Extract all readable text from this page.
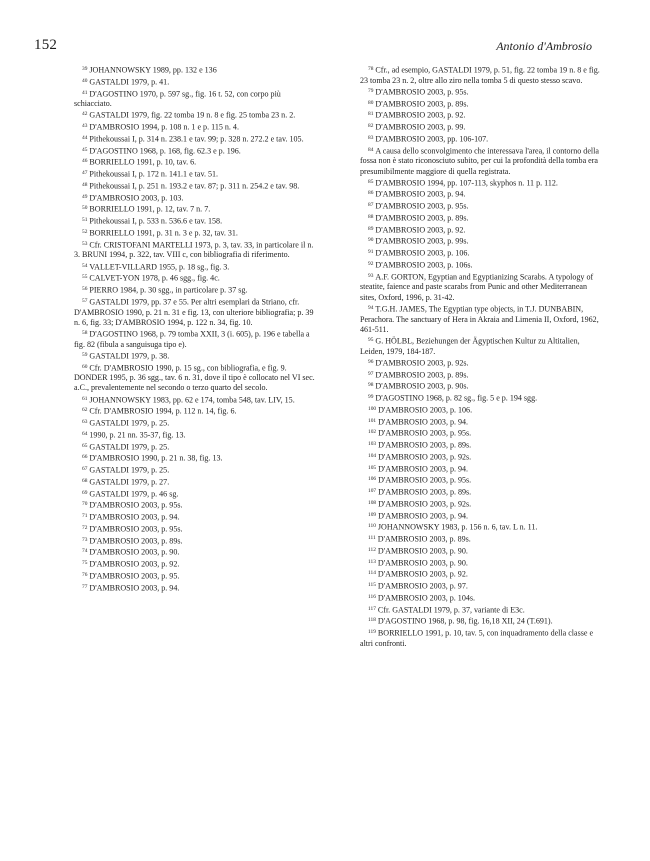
152	Antonio d'Ambrosio

$^{39}$ JOHANNOWSKY 1989, pp. 132 e 136

$^{40}$ GASTALDI 1979, p. 41.

$^{41}$ D'AGOSTINO 1970, p. 597 sg., fig. 16 t. 52, con corpo più schiacciato.

$^{42}$ GASTALDI 1979, fig. 22 tomba 19 n. 8 e fig. 25 tomba 23 n. 2.

$^{43}$ D'AMBROSIO 1994, p. 108 n. 1 e p. 115 n. 4.

$^{44}$ Pithekoussai I, p. 314 n. 238.1 e tav. 99; p. 328 n. 272.2 e tav. 105.

$^{45}$ D'AGOSTINO 1968, p. 168, fig. 62.3 e p. 196.

$^{46}$ BORRIELLO 1991, p. 10, tav. 6.

$^{47}$ Pithekoussai I, p. 172 n. 141.1 e tav. 51.

$^{48}$ Pithekoussai I, p. 251 n. 193.2 e tav. 87; p. 311 n. 254.2 e tav. 98.

$^{49}$ D'AMBROSIO 2003, p. 103.

$^{50}$ BORRIELLO 1991, p. 12, tav. 7 n. 7.

$^{51}$ Pithekoussai I, p. 533 n. 536.6 e tav. 158.

$^{52}$ BORRIELLO 1991, p. 31 n. 3 e p. 32, tav. 31.

$^{53}$ Cfr. CRISTOFANI MARTELLI 1973, p. 3, tav. 33, in particolare il n. 3. BRUNI 1994, p. 322, tav. VIII c, con bibliografia di riferimento.

$^{54}$ VALLET-VILLARD 1955, p. 18 sg., fig. 3.

$^{55}$ CALVET-YON 1978, p. 46 sgg., fig. 4c.

$^{56}$ PIERRO 1984, p. 30 sgg., in particolare p. 37 sg.

$^{57}$ GASTALDI 1979, pp. 37 e 55. Per altri esemplari da Striano, cfr. D'AMBROSIO 1990, p. 21 n. 31 e fig. 13, con ulteriore bibliografia; p. 39 n. 6, fig. 33; D'AMBROSIO 1994, p. 122 n. 34, fig. 10.

$^{58}$ D'AGOSTINO 1968, p. 79 tomba XXII, 3 (i. 605), p. 196 e tabella a fig. 82 (fibula a sanguisuga tipo e).

$^{59}$ GASTALDI 1979, p. 38.

$^{60}$ Cfr. D'AMBROSIO 1990, p. 15 sg., con bibliografia, e fig. 9. DONDER 1995, p. 36 sgg., tav. 6 n. 31, dove il tipo è collocato nel VI sec. a.C., prevalentemente nel secondo o terzo quarto del secolo.

$^{61}$ JOHANNOWSKY 1983, pp. 62 e 174, tomba 548, tav. LIV, 15.

$^{62}$ Cfr. D'AMBROSIO 1994, p. 112 n. 14, fig. 6.

$^{63}$ GASTALDI 1979, p. 25.

$^{64}$ 1990, p. 21 nn. 35-37, fig. 13.

$^{65}$ GASTALDI 1979, p. 25.

$^{66}$ D'AMBROSIO 1990, p. 21 n. 38, fig. 13.

$^{67}$ GASTALDI 1979, p. 25.

$^{68}$ GASTALDI 1979, p. 27.

$^{69}$ GASTALDI 1979, p. 46 sg.

$^{70}$ D'AMBROSIO 2003, p. 95s.

$^{71}$ D'AMBROSIO 2003, p. 94.

$^{72}$ D'AMBROSIO 2003, p. 95s.

$^{73}$ D'AMBROSIO 2003, p. 89s.

$^{74}$ D'AMBROSIO 2003, p. 90.

$^{75}$ D'AMBROSIO 2003, p. 92.

$^{76}$ D'AMBROSIO 2003, p. 95.

$^{77}$ D'AMBROSIO 2003, p. 94.

$^{78}$ Cfr., ad esempio, GASTALDI 1979, p. 51, fig. 22 tomba 19 n. 8 e fig. 23 tomba 23 n. 2, oltre allo ziro nella tomba 5 di questo stesso scavo.

$^{79}$ D'AMBROSIO 2003, p. 95s.

$^{80}$ D'AMBROSIO 2003, p. 89s.

$^{81}$ D'AMBROSIO 2003, p. 92.

$^{82}$ D'AMBROSIO 2003, p. 99.

$^{83}$ D'AMBROSIO 2003, pp. 106-107.

$^{84}$ A causa dello sconvolgimento che interessava l'area, il contorno della fossa non è stato riconosciuto subito, per cui la profondità della tomba era presumibilmente maggiore di quella registrata.

$^{85}$ D'AMBROSIO 1994, pp. 107-113, skyphos n. 11 p. 112.

$^{86}$ D'AMBROSIO 2003, p. 94.

$^{87}$ D'AMBROSIO 2003, p. 95s.

$^{88}$ D'AMBROSIO 2003, p. 89s.

$^{89}$ D'AMBROSIO 2003, p. 92.

$^{90}$ D'AMBROSIO 2003, p. 99s.

$^{91}$ D'AMBROSIO 2003, p. 106.

$^{92}$ D'AMBROSIO 2003, p. 106s.

$^{93}$ A.F. GORTON, Egyptian and Egyptianizing Scarabs. A typology of steatite, faience and paste scarabs from Punic and other Mediterranean sites, Oxford, 1996, p. 31-42.

$^{94}$ T.G.H. JAMES, The Egyptian type objects, in T.J. DUNBABIN, Perachora. The sanctuary of Hera in Akraia and Limenia II, Oxford, 1962, 461-511.

$^{95}$ G. HÖLBL, Beziehungen der Ägyptischen Kultur zu Altitalien, Leiden, 1979, 184-187.

$^{96}$ D'AMBROSIO 2003, p. 92s.

$^{97}$ D'AMBROSIO 2003, p. 89s.

$^{98}$ D'AMBROSIO 2003, p. 90s.

$^{99}$ D'AGOSTINO 1968, p. 82 sg., fig. 5 e p. 194 sgg.

$^{100}$ D'AMBROSIO 2003, p. 106.

$^{101}$ D'AMBROSIO 2003, p. 94.

$^{102}$ D'AMBROSIO 2003, p. 95s.

$^{103}$ D'AMBROSIO 2003, p. 89s.

$^{104}$ D'AMBROSIO 2003, p. 92s.

$^{105}$ D'AMBROSIO 2003, p. 94.

$^{106}$ D'AMBROSIO 2003, p. 95s.

$^{107}$ D'AMBROSIO 2003, p. 89s.

$^{108}$ D'AMBROSIO 2003, p. 92s.

$^{109}$ D'AMBROSIO 2003, p. 94.

$^{110}$ JOHANNOWSKY 1983, p. 156 n. 6, tav. L n. 11.

$^{111}$ D'AMBROSIO 2003, p. 89s.

$^{112}$ D'AMBROSIO 2003, p. 90.

$^{113}$ D'AMBROSIO 2003, p. 90.

$^{114}$ D'AMBROSIO 2003, p. 92.

$^{115}$ D'AMBROSIO 2003, p. 97.

$^{116}$ D'AMBROSIO 2003, p. 104s.

$^{117}$ Cfr. GASTALDI 1979, p. 37, variante di E3c.

$^{118}$ D'AGOSTINO 1968, p. 98, fig. 16,18 XII, 24 (T.691).

$^{119}$ BORRIELLO 1991, p. 10, tav. 5, con inquadramento della classe e altri confronti.
